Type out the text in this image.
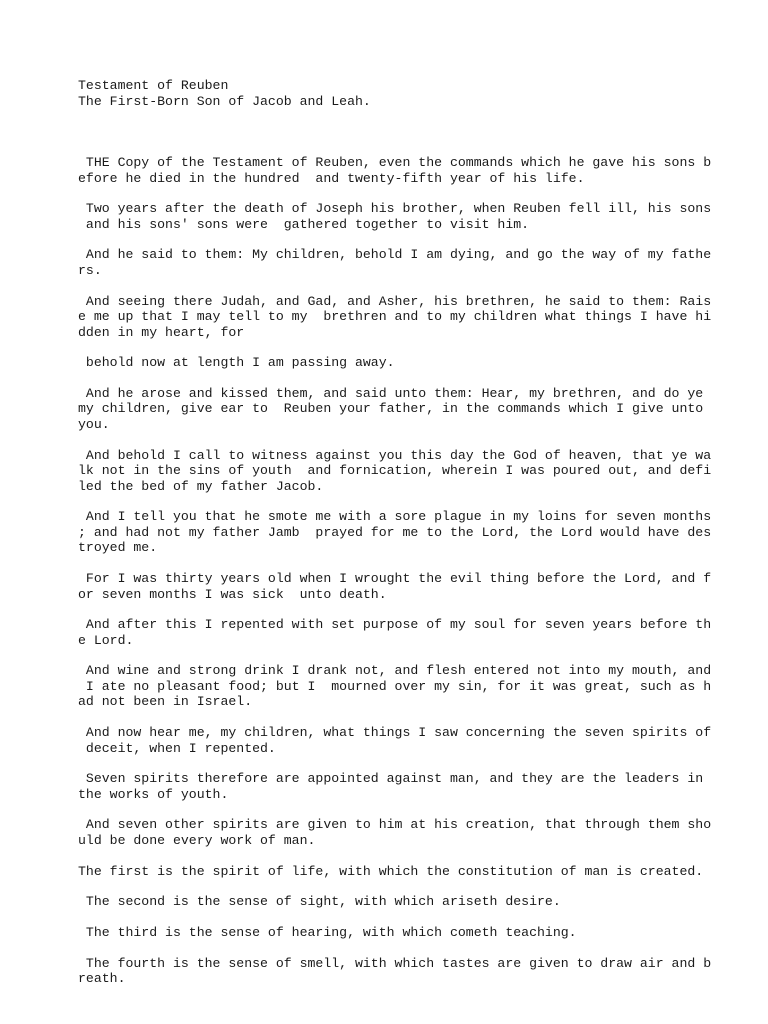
Testament of Reuben
The First-Born Son of Jacob and Leah.
THE Copy of the Testament of Reuben, even the commands which he gave his sons b
efore he died in the hundred  and twenty-fifth year of his life.
Two years after the death of Joseph his brother, when Reuben fell ill, his sons
and his sons' sons were  gathered together to visit him.
And he said to them: My children, behold I am dying, and go the way of my fathe
rs.
And seeing there Judah, and Gad, and Asher, his brethren, he said to them: Rais
e me up that I may tell to my  brethren and to my children what things I have hi
dden in my heart, for
behold now at length I am passing away.
And he arose and kissed them, and said unto them: Hear, my brethren, and do ye
my children, give ear to  Reuben your father, in the commands which I give unto
you.
And behold I call to witness against you this day the God of heaven, that ye wa
lk not in the sins of youth  and fornication, wherein I was poured out, and defi
led the bed of my father Jacob.
And I tell you that he smote me with a sore plague in my loins for seven months
; and had not my father Jamb  prayed for me to the Lord, the Lord would have des
troyed me.
For I was thirty years old when I wrought the evil thing before the Lord, and f
or seven months I was sick  unto death.
And after this I repented with set purpose of my soul for seven years before th
e Lord.
And wine and strong drink I drank not, and flesh entered not into my mouth, and
I ate no pleasant food; but I  mourned over my sin, for it was great, such as h
ad not been in Israel.
And now hear me, my children, what things I saw concerning the seven spirits of
deceit, when I repented.
Seven spirits therefore are appointed against man, and they are the leaders in
the works of youth.
And seven other spirits are given to him at his creation, that through them sho
uld be done every work of man.
The first is the spirit of life, with which the constitution of man is created.
The second is the sense of sight, with which ariseth desire.
The third is the sense of hearing, with which cometh teaching.
The fourth is the sense of smell, with which tastes are given to draw air and b
reath.
